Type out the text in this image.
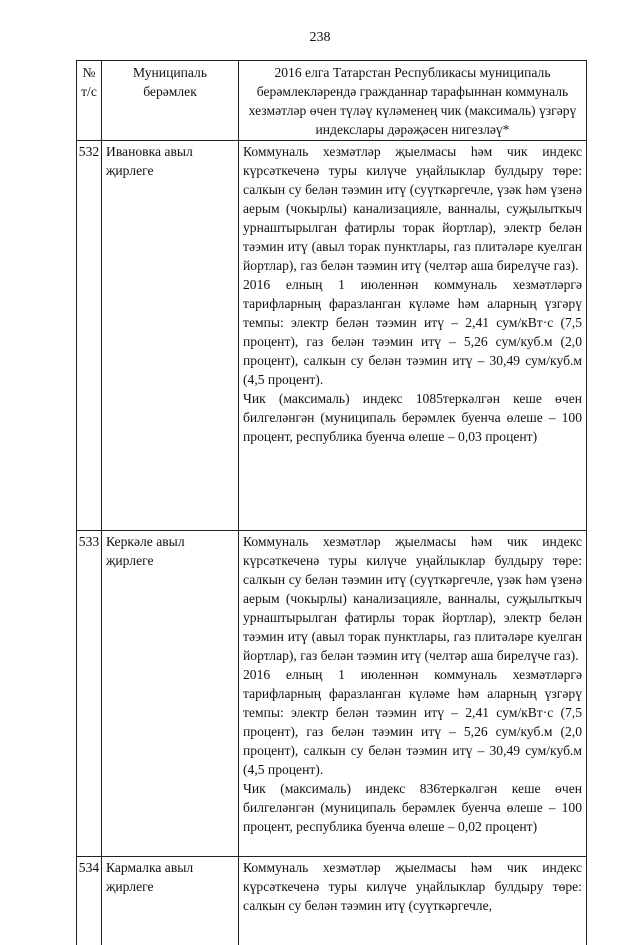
238
№ т/с
Муниципаль берәмлек
2016 елга Татарстан Республикасы муниципаль берәмлекләрендә гражданнар тарафыннан коммуналь хезмәтләр өчен түләү күләменең чик (максималь) үзгәрү индекслары дәрәҗәсен нигезләү*
532 Ивановка авыл җирлеге

Коммуналь хезмәтләр җыелмасы һәм чик индекс күрсәткеченә туры килүче уңайлыклар булдыру төре: салкын су белән тәэмин итү (суүткәргечле, үзәк һәм үзенә аерым (чокырлы) канализацияле, ванналы, суҗылыткыч урнаштырылган фатирлы торак йортлар), электр белән тәэмин итү (авыл торак пунктлары, газ плитәләре куелган йортлар), газ белән тәэмин итү (челтәр аша бирелүче газ).

2016 елның 1 июленнән коммуналь хезмәтләргә тарифларның фаразланган күләме һәм аларның үзгәрү темпы: электр белән тәэмин итү – 2,41 сум/кВт·с (7,5 процент), газ белән тәэмин итү – 5,26 сум/куб.м (2,0 процент), салкын су белән тәэмин итү – 30,49 сум/куб.м (4,5 процент).

Чик (максималь) индекс 1085теркәлгән кеше өчен билгеләнгән (муниципаль берәмлек буенча өлеше – 100 процент, республика буенча өлеше – 0,03 процент)

533 Керкәле авыл җирлеге

Коммуналь хезмәтләр җыелмасы һәм чик индекс күрсәткеченә туры килүче уңайлыклар булдыру төре: салкын су белән тәэмин итү (суүткәргечле, үзәк һәм үзенә аерым (чокырлы) канализацияле, ванналы, суҗылыткыч урнаштырылган фатирлы торак йортлар), электр белән тәэмин итү (авыл торак пунктлары, газ плитәләре куелган йортлар), газ белән тәэмин итү (челтәр аша бирелүче газ).

2016 елның 1 июленнән коммуналь хезмәтләргә тарифларның фаразланган күләме һәм аларның үзгәрү темпы: электр белән тәэмин итү – 2,41 сум/кВт·с (7,5 процент), газ белән тәэмин итү – 5,26 сум/куб.м (2,0 процент), салкын су белән тәэмин итү – 30,49 сум/куб.м (4,5 процент).

Чик (максималь) индекс 836теркәлгән кеше өчен билгеләнгән (муниципаль берәмлек буенча өлеше – 100 процент, республика буенча өлеше – 0,02 процент)

534 Кармалка авыл җирлеге

Коммуналь хезмәтләр җыелмасы һәм чик индекс күрсәткеченә туры килүче уңайлыклар булдыру төре: салкын су белән тәэмин итү (суүткәргечле,
